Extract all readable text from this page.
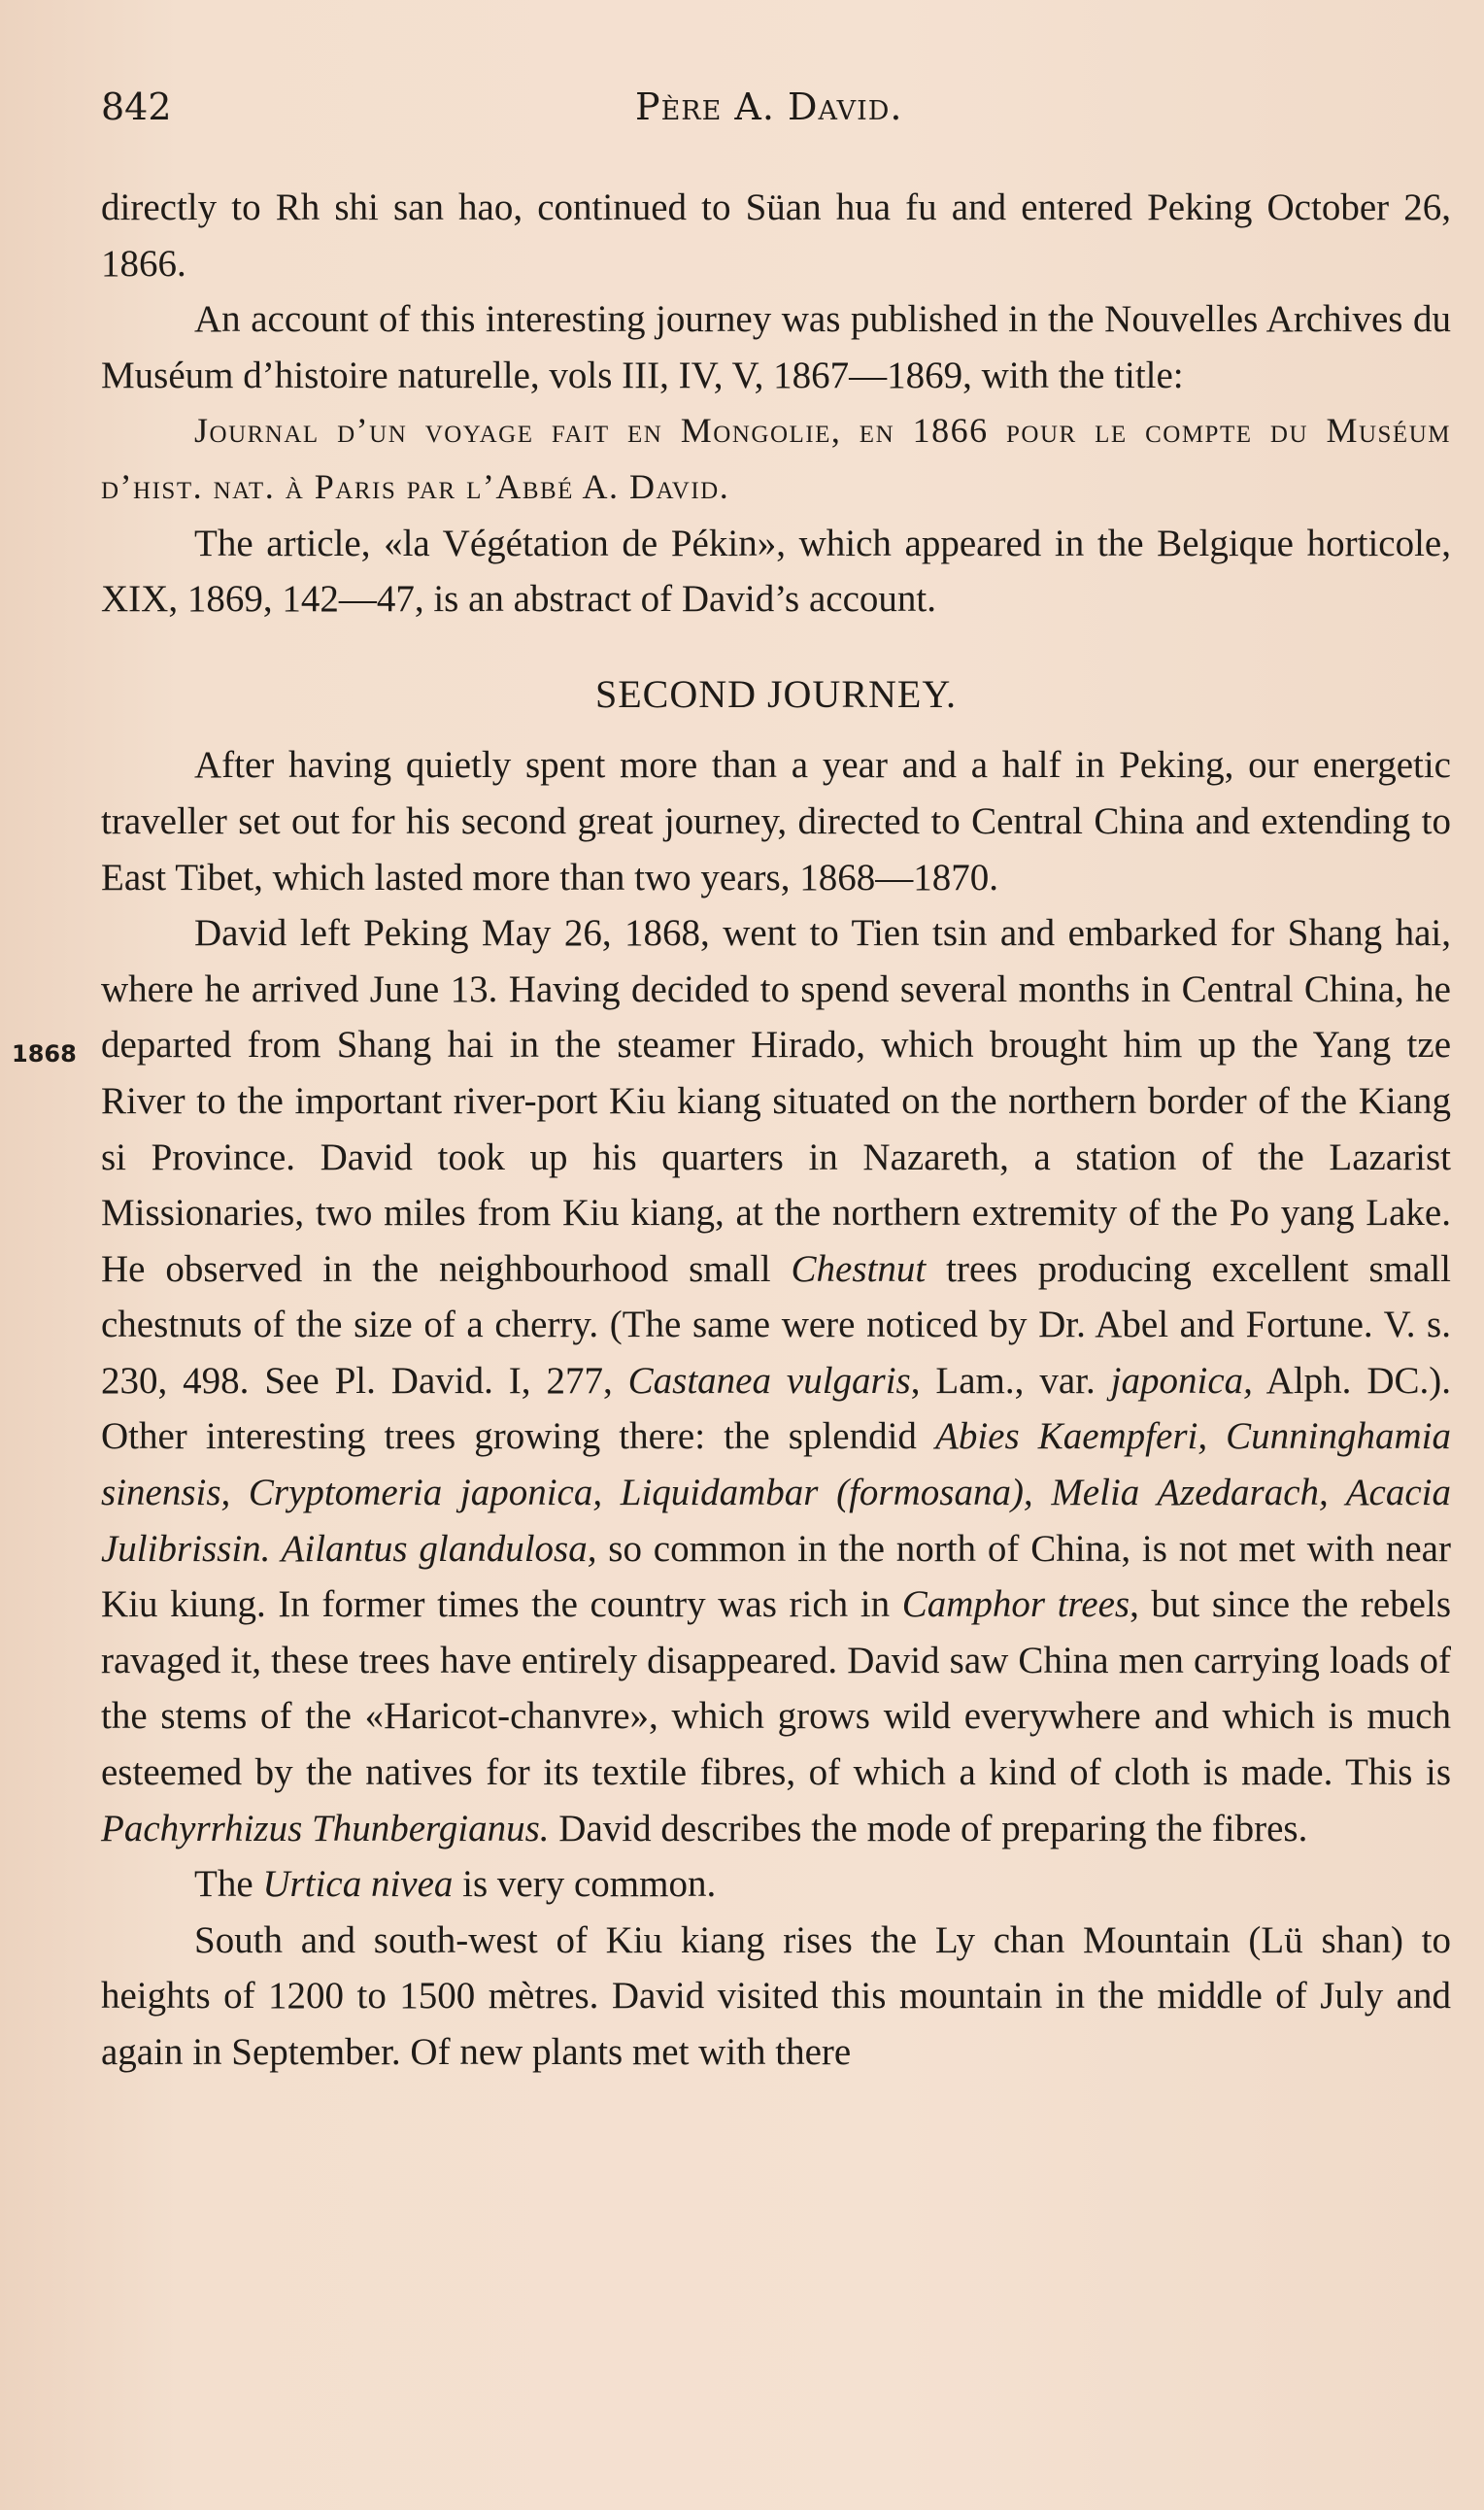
842	Père A. David.
1868

directly to Rh shi san hao, continued to Süan hua fu and entered Peking October 26, 1866.

An account of this interesting journey was published in the Nouvelles Archives du Muséum d’histoire naturelle, vols III, IV, V, 1867—1869, with the title:

Journal d’un voyage fait en Mongolie, en 1866 pour le compte du Muséum d’hist. nat. à Paris par l’Abbé A. David.

The article, «la Végétation de Pékin», which appeared in the Belgique horticole, XIX, 1869, 142—47, is an abstract of David’s account.

SECOND JOURNEY.

After having quietly spent more than a year and a half in Peking, our energetic traveller set out for his second great journey, directed to Central China and extending to East Tibet, which lasted more than two years, 1868—1870.

David left Peking May 26, 1868, went to Tien tsin and embarked for Shang hai, where he arrived June 13. Having decided to spend several months in Central China, he departed from Shang hai in the steamer Hirado, which brought him up the Yang tze River to the important river-port Kiu kiang situated on the northern border of the Kiang si Province. David took up his quarters in Nazareth, a station of the Lazarist Missionaries, two miles from Kiu kiang, at the northern extremity of the Po yang Lake. He observed in the neighbourhood small Chestnut trees producing excellent small chestnuts of the size of a cherry. (The same were noticed by Dr. Abel and Fortune. V. s. 230, 498. See Pl. David. I, 277, Castanea vulgaris, Lam., var. japonica, Alph. DC.). Other interesting trees growing there: the splendid Abies Kaempferi, Cunninghamia sinensis, Cryptomeria japonica, Liquidambar (formosana), Melia Azedarach, Acacia Julibrissin. Ailantus glandulosa, so common in the north of China, is not met with near Kiu kiung. In former times the country was rich in Camphor trees, but since the rebels ravaged it, these trees have entirely disappeared. David saw China men carrying loads of the stems of the «Haricot-chanvre», which grows wild everywhere and which is much esteemed by the natives for its textile fibres, of which a kind of cloth is made. This is Pachyrrhizus Thunbergianus. David describes the mode of preparing the fibres.

The Urtica nivea is very common.

South and south-west of Kiu kiang rises the Ly chan Mountain (Lü shan) to heights of 1200 to 1500 mètres. David visited this mountain in the middle of July and again in September. Of new plants met with there
